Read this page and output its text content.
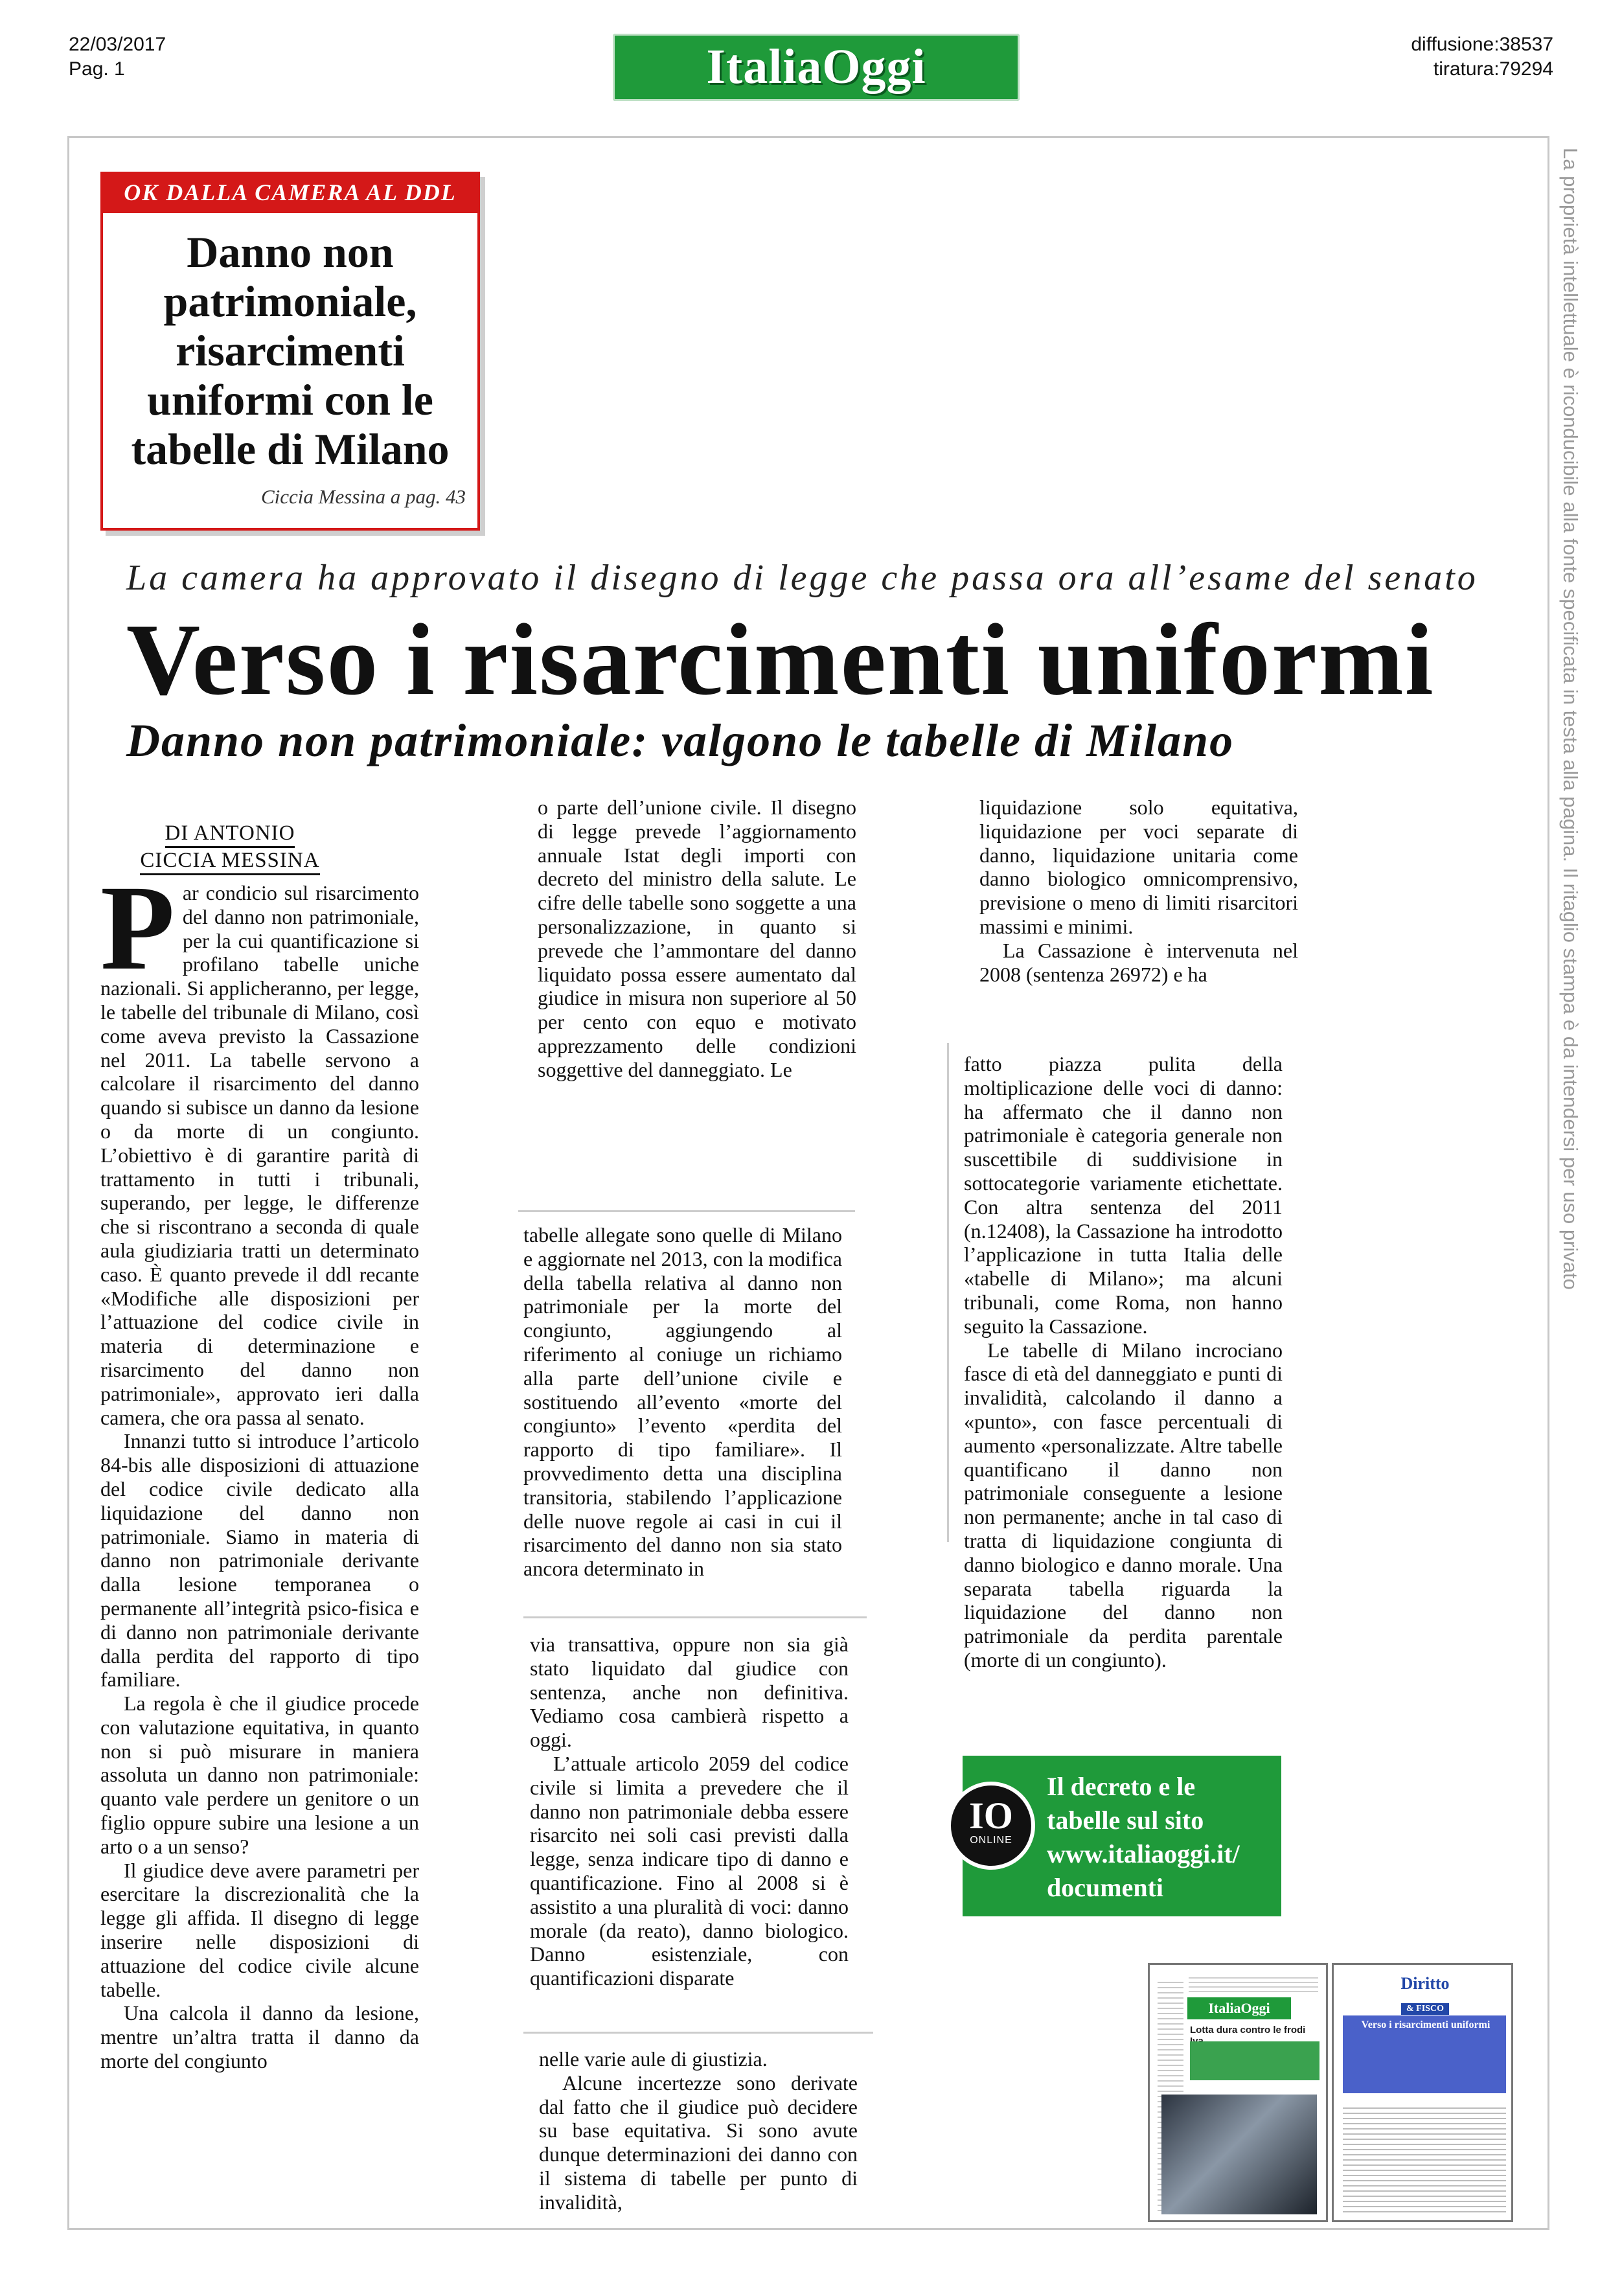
22/03/2017
Pag. 1
	ItaliaOggi
	diffusione:38537
tiratura:79294
La proprietà intellettuale è riconducibile alla fonte specificata in testa alla pagina. Il ritaglio stampa è da intendersi per uso privato
OK DALLA CAMERA AL DDL
Danno non patrimoniale, risarcimenti uniformi con le tabelle di Milano
Ciccia Messina a pag. 43
La camera ha approvato il disegno di legge che passa ora all’esame del senato
Verso i risarcimenti uniformi
Danno non patrimoniale: valgono le tabelle di Milano
DI ANTONIO
CICCIA MESSINA
P ar condicio sul risarcimento del danno non patrimoniale, per la cui quantificazione si profilano tabelle uniche nazionali. Si applicheranno, per legge, le tabelle del tribunale di Milano, così come aveva previsto la Cassazione nel 2011. La tabelle servono a calcolare il risarcimento del danno quando si subisce un danno da lesione o da morte di un congiunto. L’obiettivo è di garantire parità di trattamento in tutti i tribunali, superando, per legge, le differenze che si riscontrano a seconda di quale aula giudiziaria tratti un determinato caso. È quanto prevede il ddl recante «Modifiche alle disposizioni per l’attuazione del codice civile in materia di determinazione e risarcimento del danno non patrimoniale», approvato ieri dalla camera, che ora passa al senato.

Innanzi tutto si introduce l’articolo 84-bis alle disposizioni di attuazione del codice civile dedicato alla liquidazione del danno non patrimoniale. Siamo in materia di danno non patrimoniale derivante dalla lesione temporanea o permanente all’integrità psico-fisica e di danno non patrimoniale derivante dalla perdita del rapporto di tipo familiare.

La regola è che il giudice procede con valutazione equitativa, in quanto non si può misurare in maniera assoluta un danno non patrimoniale: quanto vale perdere un genitore o un figlio oppure subire una lesione a un arto o a un senso?

Il giudice deve avere parametri per esercitare la discrezionalità che la legge gli affida. Il disegno di legge inserire nelle disposizioni di attuazione del codice civile alcune tabelle.

Una calcola il danno da lesione, mentre un’altra tratta il danno da morte del congiunto

o parte dell’unione civile. Il disegno di legge prevede l’aggiornamento annuale Istat degli importi con decreto del ministro della salute. Le cifre delle tabelle sono soggette a una personalizzazione, in quanto si prevede che l’ammontare del danno liquidato possa essere aumentato dal giudice in misura non superiore al 50 per cento con equo e motivato apprezzamento delle condizioni soggettive del danneggiato. Le

tabelle allegate sono quelle di Milano e aggiornate nel 2013, con la modifica della tabella relativa al danno non patrimoniale per la morte del congiunto, aggiungendo al riferimento al coniuge un richiamo alla parte dell’unione civile e sostituendo all’evento «morte del congiunto» l’evento «perdita del rapporto di tipo familiare». Il provvedimento detta una disciplina transitoria, stabilendo l’applicazione delle nuove regole ai casi in cui il risarcimento del danno non sia stato ancora determinato in

via transattiva, oppure non sia già stato liquidato dal giudice con sentenza, anche non definitiva. Vediamo cosa cambierà rispetto a oggi.

L’attuale articolo 2059 del codice civile si limita a prevedere che il danno non patrimoniale debba essere risarcito nei soli casi previsti dalla legge, senza indicare tipo di danno e quantificazione. Fino al 2008 si è assistito a una pluralità di voci: danno morale (da reato), danno biologico. Danno esistenziale, con quantificazioni disparate

nelle varie aule di giustizia.

Alcune incertezze sono derivate dal fatto che il giudice può decidere su base equitativa. Si sono avute dunque determinazioni dei danno con il sistema di tabelle per punto di invalidità,

liquidazione solo equitativa, liquidazione per voci separate di danno, liquidazione unitaria come danno biologico omnicomprensivo, previsione o meno di limiti risarcitori massimi e minimi.

La Cassazione è intervenuta nel 2008 (sentenza 26972) e ha

fatto piazza pulita della moltiplicazione delle voci di danno: ha affermato che il danno non patrimoniale è categoria generale non suscettibile di suddivisione in sottocategorie variamente etichettate. Con altra sentenza del 2011 (n.12408), la Cassazione ha introdotto l’applicazione in tutta Italia delle «tabelle di Milano»; ma alcuni tribunali, come Roma, non hanno seguito la Cassazione.

Le tabelle di Milano incrociano fasce di età del danneggiato e punti di invalidità, calcolando il danno a «punto», con fasce percentuali di aumento «personalizzate. Altre tabelle quantificano il danno non patrimoniale conseguente a lesione non permanente; anche in tal caso di tratta di liquidazione congiunta di danno biologico e danno morale. Una separata tabella riguarda la liquidazione del danno non patrimoniale da perdita parentale (morte di un congiunto).

IO
ONLINE
Il decreto e le
tabelle sul sito
www.italiaoggi.it/
documenti
ItaliaOggi
Lotta dura contro le frodi
Diritto
& FISCO
Verso i risarcimenti uniformi
